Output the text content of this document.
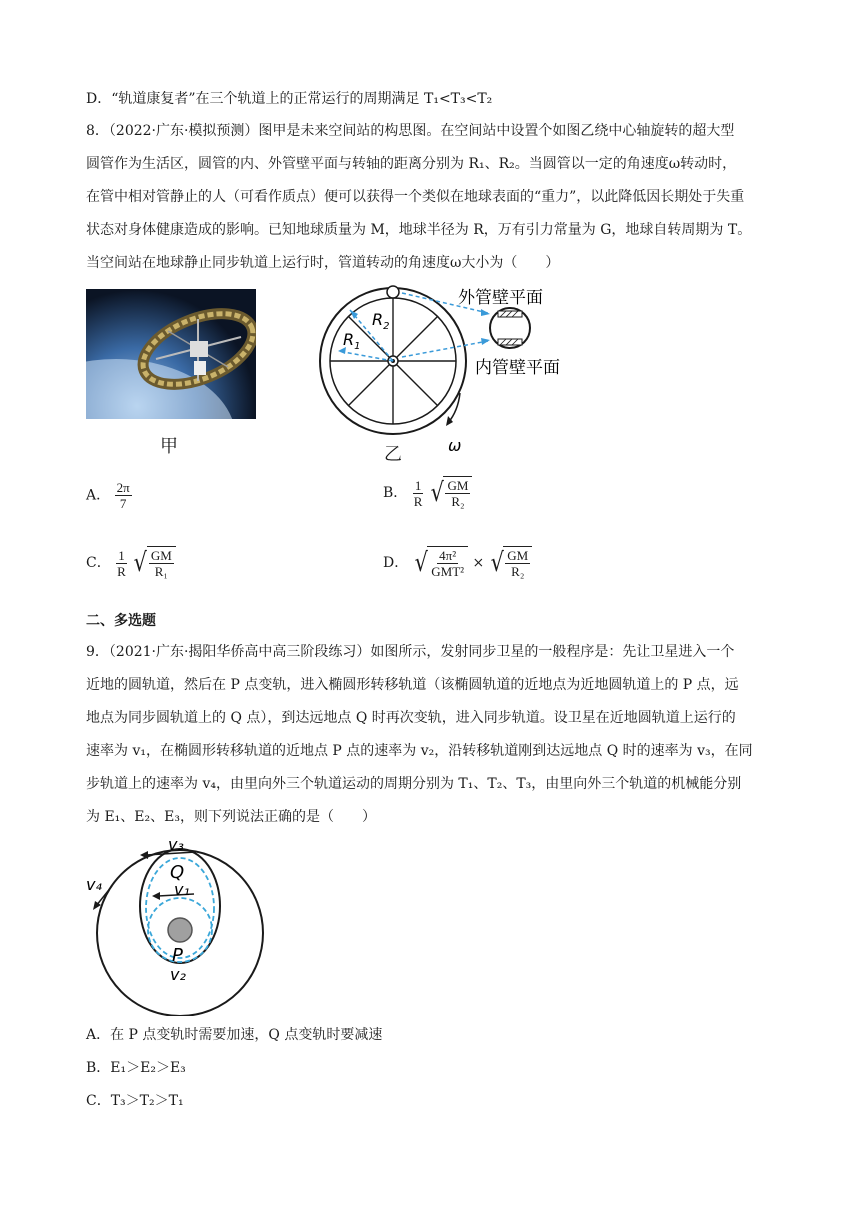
D．“轨道康复者”在三个轨道上的正常运行的周期满足 T₁<T₃<T₂
8．（2022·广东·模拟预测）图甲是未来空间站的构思图。在空间站中设置个如图乙绕中心轴旋转的超大型
圆管作为生活区，圆管的内、外管壁平面与转轴的距离分别为 R₁、R₂。当圆管以一定的角速度ω转动时，
在管中相对管静止的人（可看作质点）便可以获得一个类似在地球表面的“重力”，以此降低因长期处于失重
状态对身体健康造成的影响。已知地球质量为 M，地球半径为 R，万有引力常量为 G，地球自转周期为 T。
当空间站在地球静止同步轨道上运行时，管道转动的角速度ω大小为（　　）
甲
$R_2$
$R_1$
外管壁平面
内管壁平面
ω
乙
A． $\frac{2\pi}{7}$	B． $\frac{1}{R}$
√ $\frac{GM}{\text{R₂}}$
C． $\frac{1}{R}$
√ $\frac{GM}{\text{R₁}}$	D． √ $\frac{\text{4π²}}{\text{GMT²}}$ × √ $\frac{GM}{\text{R₂}}$
二、多选题
9．（2021·广东·揭阳华侨高中高三阶段练习）如图所示，发射同步卫星的一般程序是：先让卫星进入一个
近地的圆轨道，然后在 P 点变轨，进入椭圆形转移轨道（该椭圆轨道的近地点为近地圆轨道上的 P 点，远
地点为同步圆轨道上的 Q 点），到达远地点 Q 时再次变轨，进入同步轨道。设卫星在近地圆轨道上运行的
速率为 v₁，在椭圆形转移轨道的近地点 P 点的速率为 v₂，沿转移轨道刚到达远地点 Q 时的速率为 v₃，在同
步轨道上的速率为 v₄，由里向外三个轨道运动的周期分别为 T₁、T₂、T₃，由里向外三个轨道的机械能分别
为 E₁、E₂、E₃，则下列说法正确的是（　　）
v₃
Q
v₁
v₄
P
v₂
A．在 P 点变轨时需要加速，Q 点变轨时要减速
B．E₁＞E₂＞E₃
C．T₃＞T₂＞T₁
